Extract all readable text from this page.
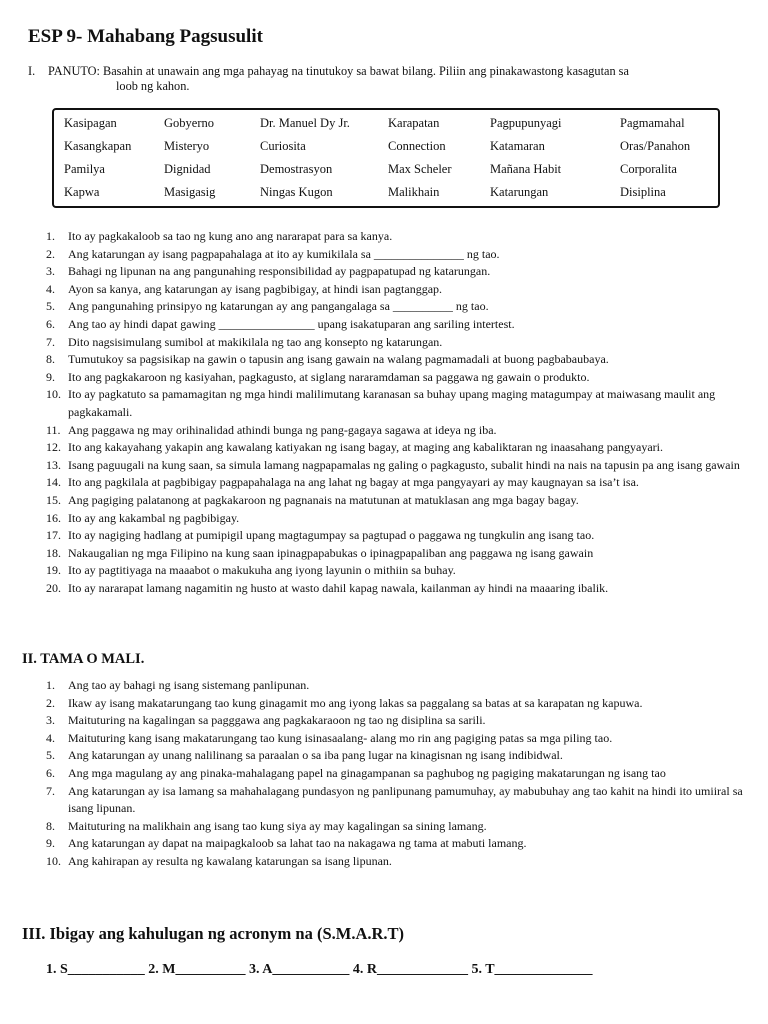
ESP 9- Mahabang Pagsusulit
I. PANUTO: Basahin at unawain ang mga pahayag na tinutukoy sa bawat bilang. Piliin ang pinakawastong kasagutan sa
loob ng kahon.
Kasipagan	Gobyerno	Dr. Manuel Dy Jr.	Karapatan	Pagpupunyagi	Pagmamahal
Kasangkapan	Misteryo	Curiosita	Connection	Katamaran	Oras/Panahon
Pamilya	Dignidad	Demostrasyon	Max Scheler	Mañana Habit	Corporalita
Kapwa	Masigasig	Ningas Kugon	Malikhain	Katarungan	Disiplina
1. Ito ay pagkakaloob sa tao ng kung ano ang nararapat para sa kanya.
2. Ang katarungan ay isang pagpapahalaga at ito ay kumikilala sa _______________ ng tao.
3. Bahagi ng lipunan na ang pangunahing responsibilidad ay pagpapatupad ng katarungan.
4. Ayon sa kanya, ang katarungan ay isang pagbibigay, at hindi isan pagtanggap.
5. Ang pangunahing prinsipyo ng katarungan ay ang pangangalaga sa __________ ng tao.
6. Ang tao ay hindi dapat gawing ________________ upang isakatuparan ang sariling intertest.
7. Dito nagsisimulang sumibol at makikilala ng tao ang konsepto ng katarungan.
8. Tumutukoy sa pagsisikap na gawin o tapusin ang isang gawain na walang pagmamadali at buong pagbabaubaya.
9. Ito ang pagkakaroon ng kasiyahan, pagkagusto, at siglang nararamdaman sa paggawa ng gawain o produkto.
10. Ito ay pagkatuto sa pamamagitan ng mga hindi malilimutang karanasan sa buhay upang maging matagumpay at maiwasang maulit ang pagkakamali.
11. Ang paggawa ng may orihinalidad athindi bunga ng pang-gagaya sagawa at ideya ng iba.
12. Ito ang kakayahang yakapin ang kawalang katiyakan ng isang bagay, at maging ang kabaliktaran ng inaasahang pangyayari.
13. Isang paguugali na kung saan, sa simula lamang nagpapamalas ng galing o pagkagusto, subalit hindi na nais na tapusin pa ang isang gawain
14. Ito ang pagkilala at pagbibigay pagpapahalaga na ang lahat ng bagay at mga pangyayari ay may kaugnayan sa isa’t isa.
15. Ang pagiging palatanong at pagkakaroon ng pagnanais na matutunan at matuklasan ang mga bagay bagay.
16. Ito ay ang kakambal ng pagbibigay.
17. Ito ay nagiging hadlang at pumipigil upang magtagumpay sa pagtupad o paggawa ng tungkulin ang isang tao.
18. Nakaugalian ng mga Filipino na kung saan ipinagpapabukas o ipinagpapaliban ang paggawa ng isang gawain
19. Ito ay pagtitiyaga na maaabot o makukuha ang iyong layunin o mithiin sa buhay.
20. Ito ay nararapat lamang nagamitin ng husto at wasto dahil kapag nawala, kailanman ay hindi na maaaring ibalik.
II. TAMA O MALI.
1. Ang tao ay bahagi ng isang sistemang panlipunan.
2. Ikaw ay isang makatarungang tao kung ginagamit mo ang iyong lakas sa paggalang sa batas at sa karapatan ng kapuwa.
3. Maituturing na kagalingan sa pagggawa ang pagkakaraoon ng tao ng disiplina sa sarili.
4. Maituturing kang isang makatarungang tao kung isinasaalang- alang mo rin ang pagiging patas sa mga piling tao.
5. Ang katarungan ay unang nalilinang sa paraalan o sa iba pang lugar na kinagisnan ng isang indibidwal.
6. Ang mga magulang ay ang pinaka-mahalagang papel na ginagampanan sa paghubog ng pagiging makatarungan ng isang tao
7. Ang katarungan ay isa lamang sa mahahalagang pundasyon ng panlipunang pamumuhay, ay mabubuhay ang tao kahit na hindi ito umiiral sa isang lipunan.
8. Maituturing na malikhain ang isang tao kung siya ay may kagalingan sa sining lamang.
9. Ang katarungan ay dapat na maipagkaloob sa lahat tao na nakagawa ng tama at mabuti lamang.
10. Ang kahirapan ay resulta ng kawalang katarungan sa isang lipunan.
III. Ibigay ang kahulugan ng acronym na (S.M.A.R.T)
1. S___________ 2. M__________ 3. A___________ 4. R_____________ 5. T______________
